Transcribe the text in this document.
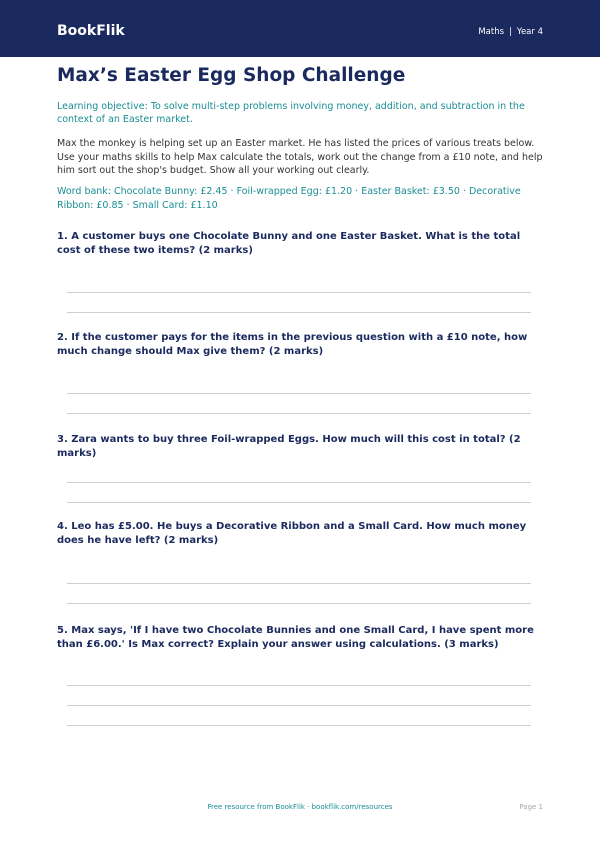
BookFlik	Maths | Year 4
Max’s Easter Egg Shop Challenge
Learning objective: To solve multi-step problems involving money, addition, and subtraction in the context of an Easter market.
Max the monkey is helping set up an Easter market. He has listed the prices of various treats below. Use your maths skills to help Max calculate the totals, work out the change from a £10 note, and help him sort out the shop's budget. Show all your working out clearly.
Word bank: Chocolate Bunny: £2.45 · Foil-wrapped Egg: £1.20 · Easter Basket: £3.50 · Decorative Ribbon: £0.85 · Small Card: £1.10
1. A customer buys one Chocolate Bunny and one Easter Basket. What is the total cost of these two items? (2 marks)
2. If the customer pays for the items in the previous question with a £10 note, how much change should Max give them? (2 marks)
3. Zara wants to buy three Foil-wrapped Eggs. How much will this cost in total? (2 marks)
4. Leo has £5.00. He buys a Decorative Ribbon and a Small Card. How much money does he have left? (2 marks)
5. Max says, 'If I have two Chocolate Bunnies and one Small Card, I have spent more than £6.00.' Is Max correct? Explain your answer using calculations. (3 marks)
Free resource from BookFlik · bookflik.com/resources	Page 1
